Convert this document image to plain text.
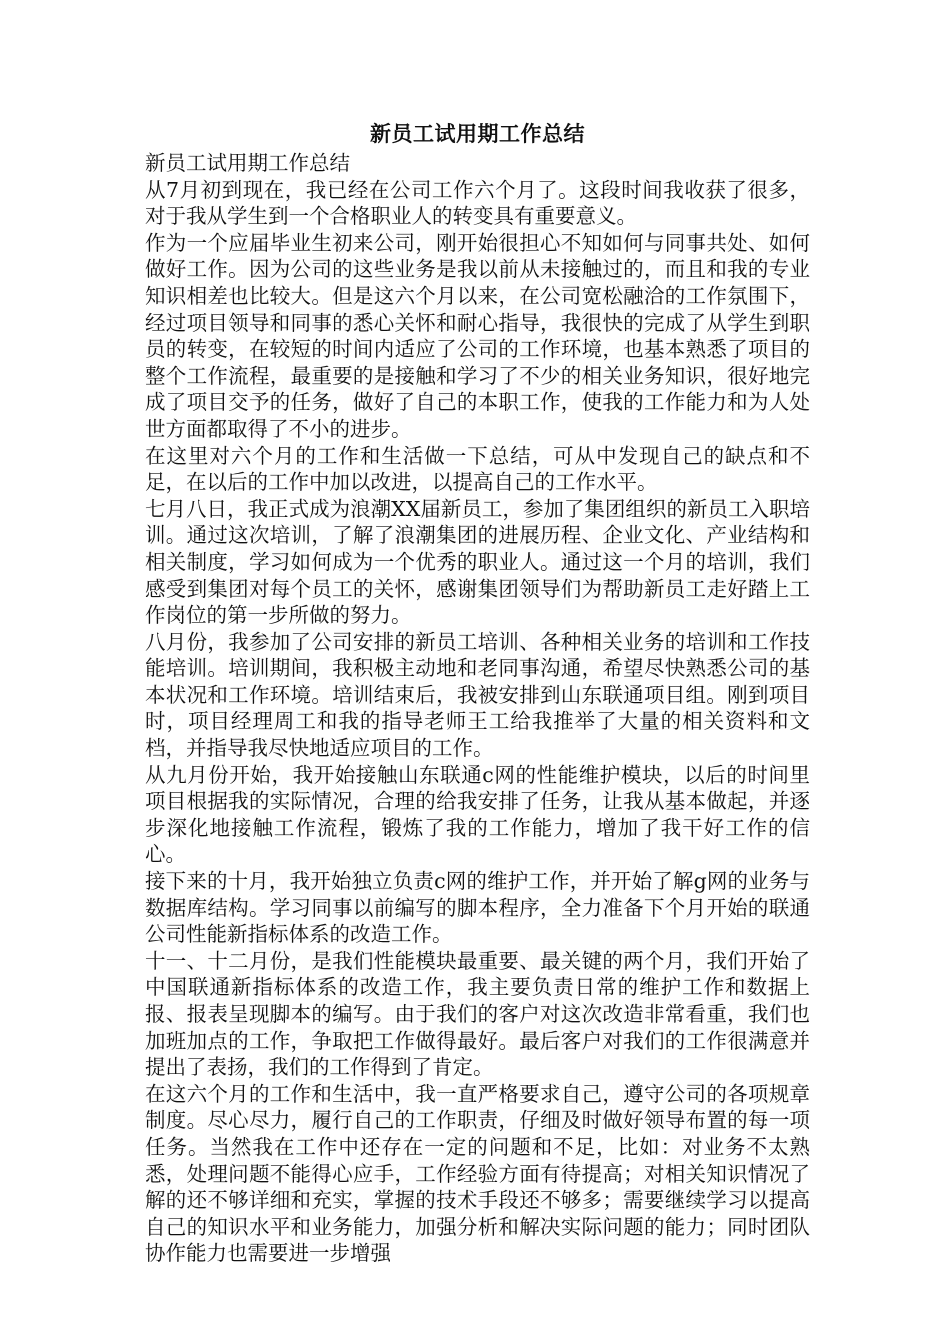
新员工试用期工作总结

新员工试用期工作总结

从7月初到现在，我已经在公司工作六个月了。这段时间我收获了很多，对于我从学生到一个合格职业人的转变具有重要意义。

作为一个应届毕业生初来公司，刚开始很担心不知如何与同事共处、如何做好工作。因为公司的这些业务是我以前从未接触过的，而且和我的专业知识相差也比较大。但是这六个月以来，在公司宽松融洽的工作氛围下，经过项目领导和同事的悉心关怀和耐心指导，我很快的完成了从学生到职员的转变，在较短的时间内适应了公司的工作环境，也基本熟悉了项目的整个工作流程，最重要的是接触和学习了不少的相关业务知识，很好地完成了项目交予的任务，做好了自己的本职工作，使我的工作能力和为人处世方面都取得了不小的进步。

在这里对六个月的工作和生活做一下总结，可从中发现自己的缺点和不足，在以后的工作中加以改进，以提高自己的工作水平。

七月八日，我正式成为浪潮XX届新员工，参加了集团组织的新员工入职培训。通过这次培训，了解了浪潮集团的进展历程、企业文化、产业结构和相关制度，学习如何成为一个优秀的职业人。通过这一个月的培训，我们感受到集团对每个员工的关怀，感谢集团领导们为帮助新员工走好踏上工作岗位的第一步所做的努力。

八月份，我参加了公司安排的新员工培训、各种相关业务的培训和工作技能培训。培训期间，我积极主动地和老同事沟通，希望尽快熟悉公司的基本状况和工作环境。培训结束后，我被安排到山东联通项目组。刚到项目时，项目经理周工和我的指导老师王工给我推举了大量的相关资料和文档，并指导我尽快地适应项目的工作。

从九月份开始，我开始接触山东联通c网的性能维护模块，以后的时间里项目根据我的实际情况，合理的给我安排了任务，让我从基本做起，并逐步深化地接触工作流程，锻炼了我的工作能力，增加了我干好工作的信心。

接下来的十月，我开始独立负责c网的维护工作，并开始了解g网的业务与数据库结构。学习同事以前编写的脚本程序，全力准备下个月开始的联通公司性能新指标体系的改造工作。

十一、十二月份，是我们性能模块最重要、最关键的两个月，我们开始了中国联通新指标体系的改造工作，我主要负责日常的维护工作和数据上报、报表呈现脚本的编写。由于我们的客户对这次改造非常看重，我们也加班加点的工作，争取把工作做得最好。最后客户对我们的工作很满意并提出了表扬，我们的工作得到了肯定。

在这六个月的工作和生活中，我一直严格要求自己，遵守公司的各项规章制度。尽心尽力，履行自己的工作职责，仔细及时做好领导布置的每一项任务。当然我在工作中还存在一定的问题和不足，比如：对业务不太熟悉，处理问题不能得心应手，工作经验方面有待提高；对相关知识情况了解的还不够详细和充实，掌握的技术手段还不够多；需要继续学习以提高自己的知识水平和业务能力，加强分析和解决实际问题的能力；同时团队协作能力也需要进一步增强
